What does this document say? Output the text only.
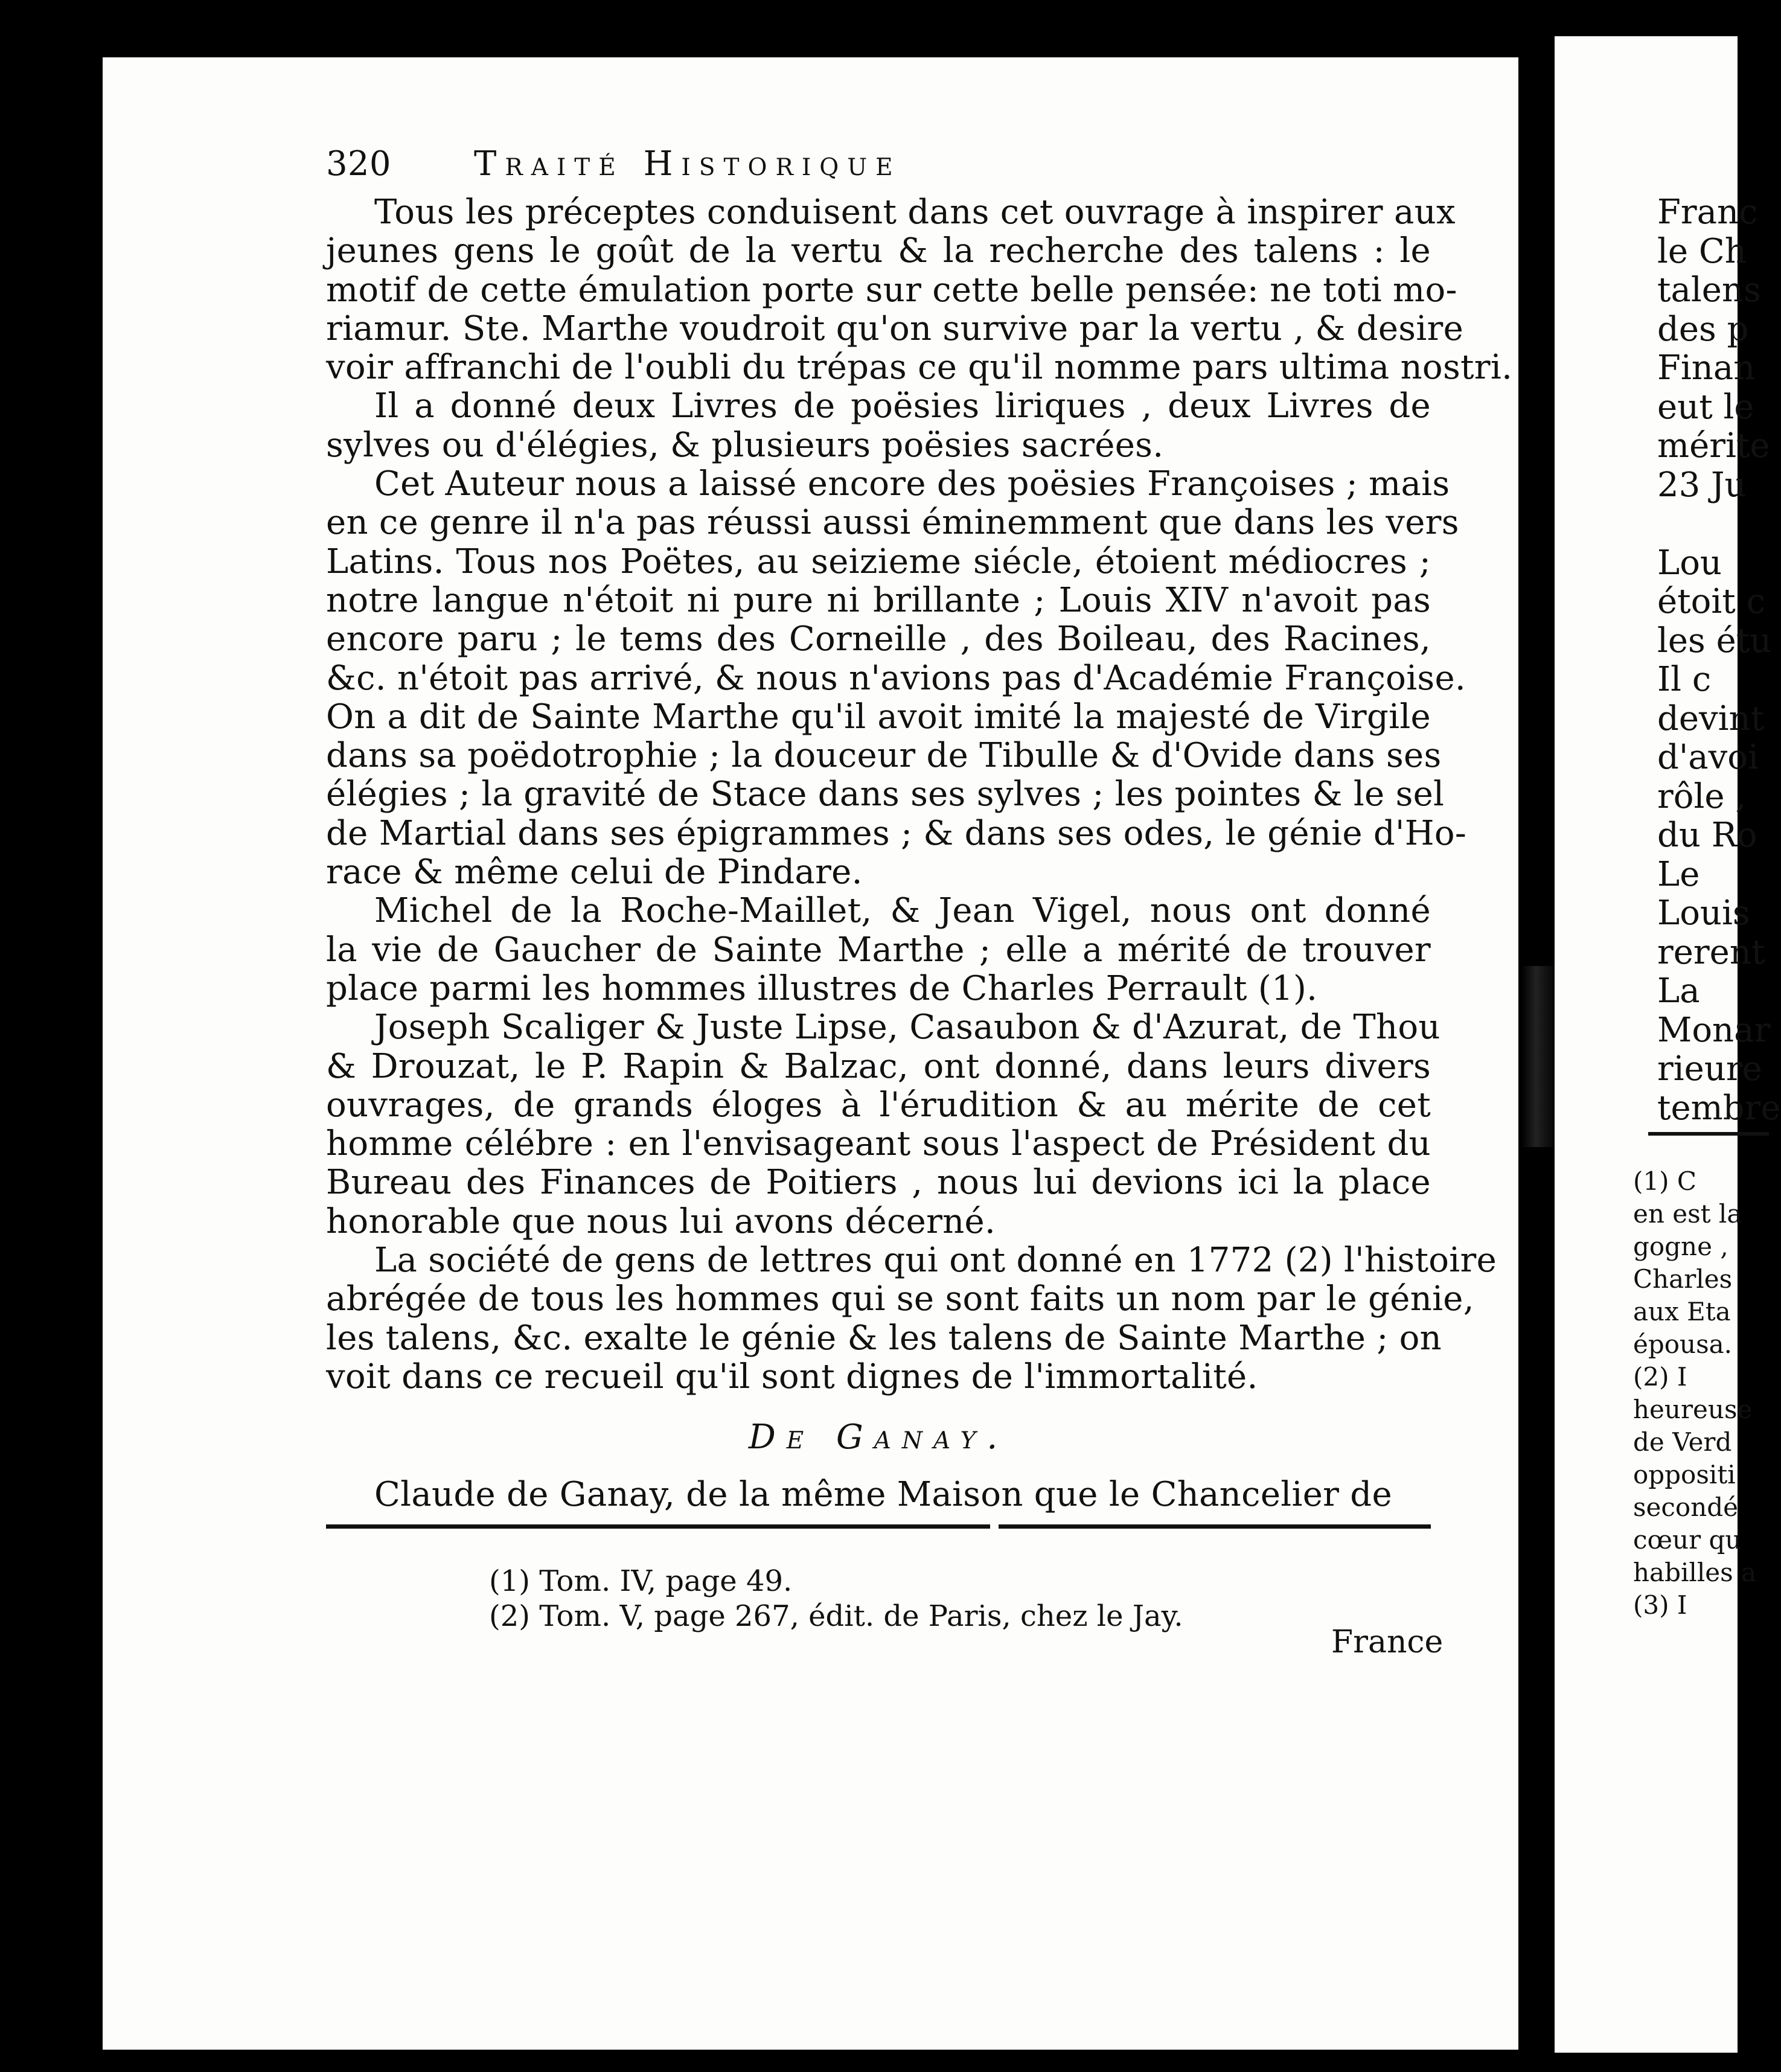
Franc
le Ch
talens
des p
Finan
eut le
mérite
23 Ju
Lou
étoit c
les étu
Il c
devint
d'avoi
rôle ,
du Ro
Le
Louis
rerent
La
Monar
rieure
tembre
(1) C
en est la
gogne ,
Charles
aux Eta
épousa.
(2) I
heureuse
de Verd
oppositi
secondé
cœur qu
habilles a
(3) I
320 Traité Historique

Tous les préceptes conduisent dans cet ouvrage à inspirer aux
jeunes gens le goût de la vertu & la recherche des talens : le
motif de cette émulation porte sur cette belle pensée: ne toti mo-
riamur. Ste. Marthe voudroit qu'on survive par la vertu , & desire
voir affranchi de l'oubli du trépas ce qu'il nomme pars ultima nostri.

Il a donné deux Livres de poësies liriques , deux Livres de
sylves ou d'élégies, & plusieurs poësies sacrées.

Cet Auteur nous a laissé encore des poësies Françoises ; mais
en ce genre il n'a pas réussi aussi éminemment que dans les vers
Latins. Tous nos Poëtes, au seizieme siécle, étoient médiocres ;
notre langue n'étoit ni pure ni brillante ; Louis XIV n'avoit pas
encore paru ; le tems des Corneille , des Boileau, des Racines,
&c. n'étoit pas arrivé, & nous n'avions pas d'Académie Françoise.
On a dit de Sainte Marthe qu'il avoit imité la majesté de Virgile
dans sa poëdotrophie ; la douceur de Tibulle & d'Ovide dans ses
élégies ; la gravité de Stace dans ses sylves ; les pointes & le sel
de Martial dans ses épigrammes ; & dans ses odes, le génie d'Ho-
race & même celui de Pindare.

Michel de la Roche-Maillet, & Jean Vigel, nous ont donné
la vie de Gaucher de Sainte Marthe ; elle a mérité de trouver
place parmi les hommes illustres de Charles Perrault (1).

Joseph Scaliger & Juste Lipse, Casaubon & d'Azurat, de Thou
& Drouzat, le P. Rapin & Balzac, ont donné, dans leurs divers
ouvrages, de grands éloges à l'érudition & au mérite de cet
homme célébre : en l'envisageant sous l'aspect de Président du
Bureau des Finances de Poitiers , nous lui devions ici la place
honorable que nous lui avons décerné.

La société de gens de lettres qui ont donné en 1772 (2) l'histoire
abrégée de tous les hommes qui se sont faits un nom par le génie,
les talens, &c. exalte le génie & les talens de Sainte Marthe ; on
voit dans ce recueil qu'il sont dignes de l'immortalité.

De Ganay.

Claude de Ganay, de la même Maison que le Chancelier de

(1) Tom. IV, page 49.
(2) Tom. V, page 267, édit. de Paris, chez le Jay.
France
